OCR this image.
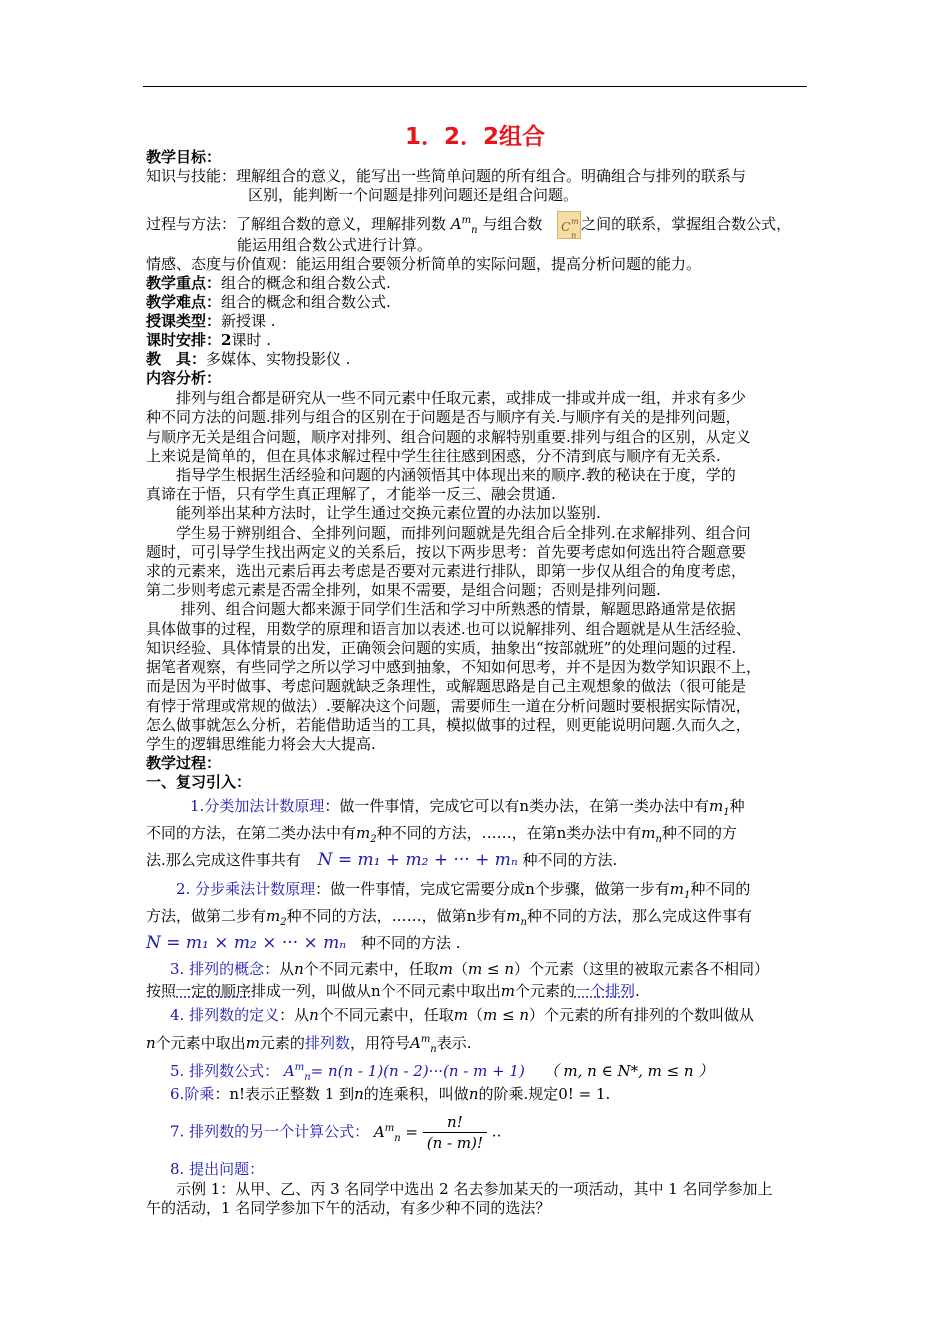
1．2．2组合
教学目标：
知识与技能：理解组合的意义，能写出一些简单问题的所有组合。明确组合与排列的联系与
区别，能判断一个问题是排列问题还是组合问题。
过程与方法：了解组合数的意义，理解排列数 $A^m_n$ 与组合数 C m
n
之间的联系，掌握组合数公式，
能运用组合数公式进行计算。
情感、态度与价值观：能运用组合要领分析简单的实际问题，提高分析问题的能力。
教学重点：组合的概念和组合数公式.
教学难点：组合的概念和组合数公式.
授课类型：新授课 .
课时安排：2课时 .
教　具：多媒体、实物投影仪 .
内容分析：
　　排列与组合都是研究从一些不同元素中任取元素，或排成一排或并成一组，并求有多少
种不同方法的问题.排列与组合的区别在于问题是否与顺序有关.与顺序有关的是排列问题，
与顺序无关是组合问题，顺序对排列、组合问题的求解特别重要.排列与组合的区别，从定义
上来说是简单的，但在具体求解过程中学生往往感到困惑，分不清到底与顺序有无关系.
　　指导学生根据生活经验和问题的内涵领悟其中体现出来的顺序.教的秘诀在于度，学的
真谛在于悟，只有学生真正理解了，才能举一反三、融会贯通.
　　能列举出某种方法时，让学生通过交换元素位置的办法加以鉴别.
　　学生易于辨别组合、全排列问题，而排列问题就是先组合后全排列.在求解排列、组合问
题时，可引导学生找出两定义的关系后，按以下两步思考：首先要考虑如何选出符合题意要
求的元素来，选出元素后再去考虑是否要对元素进行排队，即第一步仅从组合的角度考虑，
第二步则考虑元素是否需全排列，如果不需要，是组合问题；否则是排列问题.
　　 排列、组合问题大都来源于同学们生活和学习中所熟悉的情景，解题思路通常是依据
具体做事的过程，用数学的原理和语言加以表述.也可以说解排列、组合题就是从生活经验、
知识经验、具体情景的出发，正确领会问题的实质，抽象出“按部就班”的处理问题的过程.
据笔者观察，有些同学之所以学习中感到抽象，不知如何思考，并不是因为数学知识跟不上，
而是因为平时做事、考虑问题就缺乏条理性，或解题思路是自己主观想象的做法（很可能是
有悖于常理或常规的做法）.要解决这个问题，需要师生一道在分析问题时要根据实际情况，
怎么做事就怎么分析，若能借助适当的工具，模拟做事的过程，则更能说明问题.久而久之，
学生的逻辑思维能力将会大大提高.
教学过程：
一、复习引入：
1.分类加法计数原理：做一件事情，完成它可以有n类办法，在第一类办法中有$m_1$种
不同的方法，在第二类办法中有$m_2$种不同的方法，……，在第n类办法中有$m_n$种不同的方
法.那么完成这件事共有 N = m₁ + m₂ + ··· + mₙ 种不同的方法.
2. 分步乘法计数原理：做一件事情，完成它需要分成n个步骤，做第一步有$m_1$种不同的
方法，做第二步有$m_2$种不同的方法，……，做第n步有$m_n$种不同的方法，那么完成这件事有
N = m₁ × m₂ × ··· × mₙ 种不同的方法 .
3. 排列的概念：从n个不同元素中，任取m（m ≤ n）个元素（这里的被取元素各不相同）
按照一定的顺序排成一列，叫做从n个不同元素中取出m个元素的一个排列.
4. 排列数的定义：从n个不同元素中，任取m（m ≤ n）个元素的所有排列的个数叫做从
n个元素中取出m元素的排列数，用符号$A^m_n$表示.
5. 排列数公式： $A^m_n= n(n - 1)(n - 2)\cdot\cdot\cdot(n - m + 1)$ （ m, n ∈ N*, m ≤ n ）
6.阶乘：n!表示正整数 1 到n的连乘积，叫做n的阶乘.规定0! = 1.
7. 排列数的另一个计算公式： $A^m_n = \frac{n!}{(n - m)!}$ ..
8. 提出问题：
　　示例 1：从甲、乙、丙 3 名同学中选出 2 名去参加某天的一项活动，其中 1 名同学参加上
午的活动，1 名同学参加下午的活动，有多少种不同的选法？
